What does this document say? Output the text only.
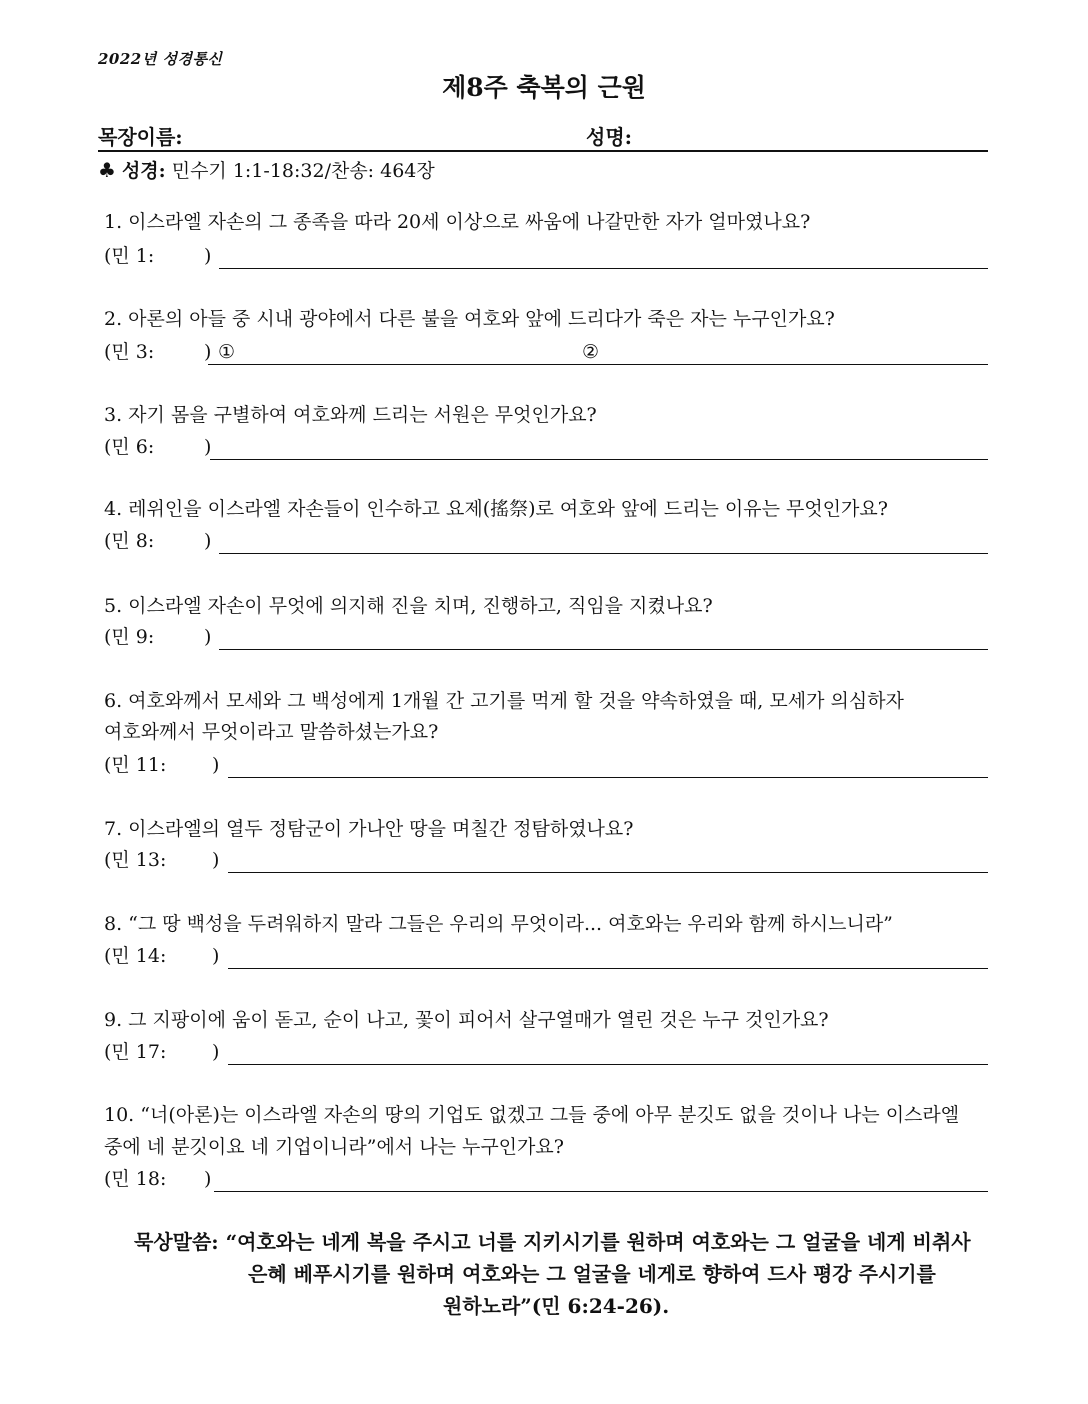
2022년 성경통신
제8주 축복의 근원
목장이름:	성명:
♣ 성경: 민수기 1:1-18:32/찬송: 464장
1. 이스라엘 자손의 그 종족을 따라 20세 이상으로 싸움에 나갈만한 자가 얼마였나요?
(민 1:	)
2. 아론의 아들 중 시내 광야에서 다른 불을 여호와 앞에 드리다가 죽은 자는 누구인가요?
(민 3:	) ①	②
3. 자기 몸을 구별하여 여호와께 드리는 서원은 무엇인가요?
(민 6:	)
4. 레위인을 이스라엘 자손들이 인수하고 요제(搖祭)로 여호와 앞에 드리는 이유는 무엇인가요?
(민 8:	)
5. 이스라엘 자손이 무엇에 의지해 진을 치며, 진행하고, 직임을 지켰나요?
(민 9:	)
6. 여호와께서 모세와 그 백성에게 1개월 간 고기를 먹게 할 것을 약속하였을 때, 모세가 의심하자
여호와께서 무엇이라고 말씀하셨는가요?
(민 11: )
7. 이스라엘의 열두 정탐군이 가나안 땅을 며칠간 정탐하였나요?
(민 13: )
8. “그 땅 백성을 두려워하지 말라 그들은 우리의 무엇이라... 여호와는 우리와 함께 하시느니라”
(민 14: )
9. 그 지팡이에 움이 돋고, 순이 나고, 꽃이 피어서 살구열매가 열린 것은 누구 것인가요?
(민 17: )
10. “너(아론)는 이스라엘 자손의 땅의 기업도 없겠고 그들 중에 아무 분깃도 없을 것이나 나는 이스라엘
중에 네 분깃이요 네 기업이니라”에서 나는 누구인가요?
(민 18: )
묵상말씀: “여호와는 네게 복을 주시고 너를 지키시기를 원하며 여호와는 그 얼굴을 네게 비취사
은혜 베푸시기를 원하며 여호와는 그 얼굴을 네게로 향하여 드사 평강 주시기를
원하노라”(민 6:24-26).
